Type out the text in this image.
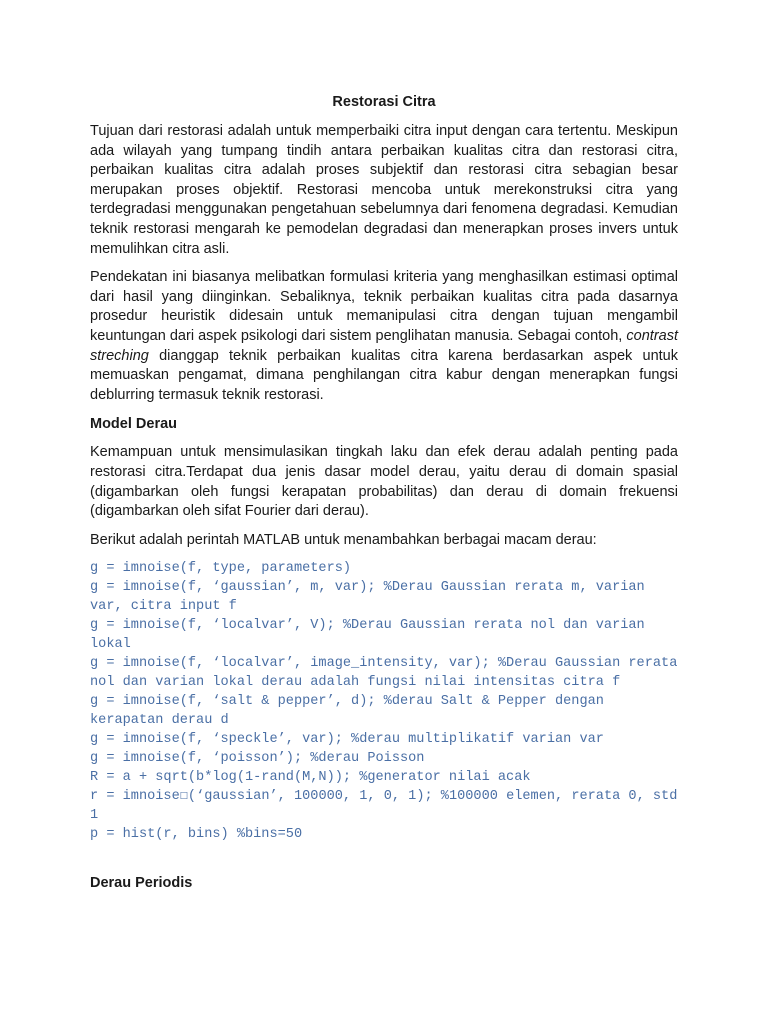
Restorasi Citra

Tujuan dari restorasi adalah untuk memperbaiki citra input dengan cara tertentu. Meskipun ada wilayah yang tumpang tindih antara perbaikan kualitas citra dan restorasi citra, perbaikan kualitas citra adalah proses subjektif dan restorasi citra sebagian besar merupakan proses objektif. Restorasi mencoba untuk merekonstruksi citra yang terdegradasi menggunakan pengetahuan sebelumnya dari fenomena degradasi. Kemudian teknik restorasi mengarah ke pemodelan degradasi dan menerapkan proses invers untuk memulihkan citra asli.

Pendekatan ini biasanya melibatkan formulasi kriteria yang menghasilkan estimasi optimal dari hasil yang diinginkan. Sebaliknya, teknik perbaikan kualitas citra pada dasarnya prosedur heuristik didesain untuk memanipulasi citra dengan tujuan mengambil keuntungan dari aspek psikologi dari sistem penglihatan manusia. Sebagai contoh, contrast streching dianggap teknik perbaikan kualitas citra karena berdasarkan aspek untuk memuaskan pengamat, dimana penghilangan citra kabur dengan menerapkan fungsi deblurring termasuk teknik restorasi.

Model Derau

Kemampuan untuk mensimulasikan tingkah laku dan efek derau adalah penting pada restorasi citra.Terdapat dua jenis dasar model derau, yaitu derau di domain spasial (digambarkan oleh fungsi kerapatan probabilitas) dan derau di domain frekuensi (digambarkan oleh sifat Fourier dari derau).

Berikut adalah perintah MATLAB untuk menambahkan berbagai macam derau:

g = imnoise(f, type, parameters)
g = imnoise(f, ‘gaussian’, m, var); %Derau Gaussian rerata m, varian var, citra input f
g = imnoise(f, ‘localvar’, V); %Derau Gaussian rerata nol dan varian lokal
g = imnoise(f, ‘localvar’, image_intensity, var); %Derau Gaussian rerata nol dan varian lokal derau adalah fungsi nilai intensitas citra f
g = imnoise(f, ‘salt & pepper’, d); %derau Salt & Pepper dengan kerapatan derau d
g = imnoise(f, ‘speckle’, var); %derau multiplikatif varian var
g = imnoise(f, ‘poisson’); %derau Poisson
R = a + sqrt(b*log(1-rand(M,N)); %generator nilai acak
r = imnoise☐(‘gaussian’, 100000, 1, 0, 1); %100000 elemen, rerata 0, std 1
p = hist(r, bins) %bins=50
Derau Periodis
